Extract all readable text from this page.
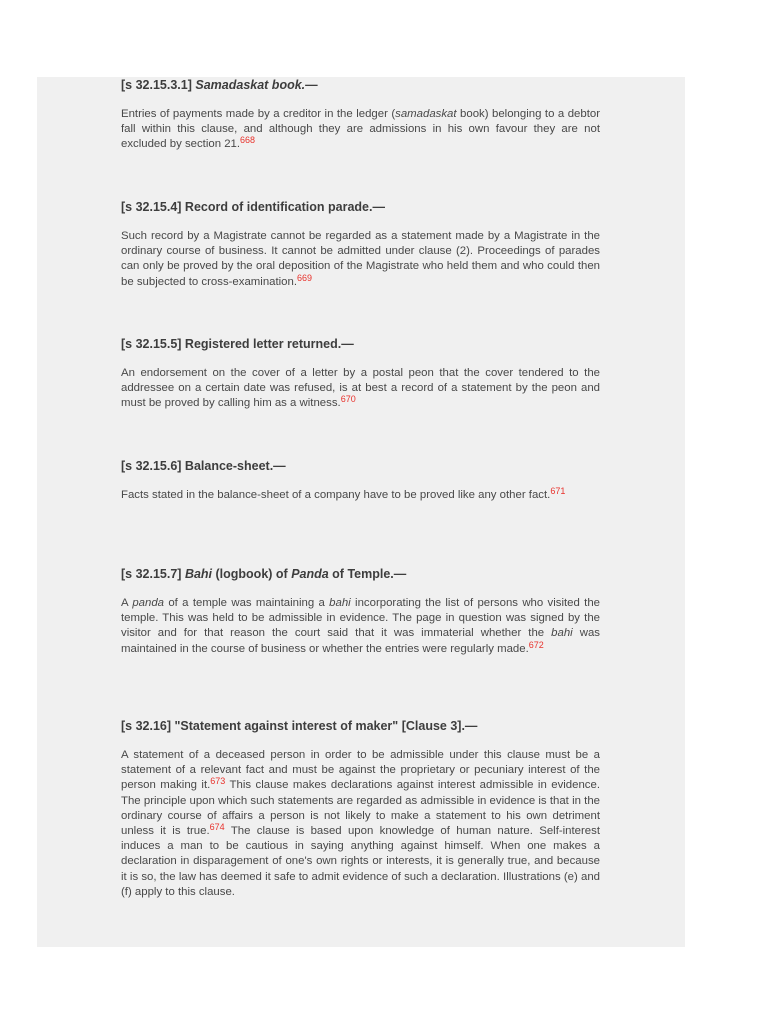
[s 32.15.3.1] Samadaskat book.—

Entries of payments made by a creditor in the ledger (samadaskat book) belonging to a debtor fall within this clause, and although they are admissions in his own favour they are not excluded by section 21.$^{668}$

[s 32.15.4] Record of identification parade.—

Such record by a Magistrate cannot be regarded as a statement made by a Magistrate in the ordinary course of business. It cannot be admitted under clause (2). Proceedings of parades can only be proved by the oral deposition of the Magistrate who held them and who could then be subjected to cross-examination.$^{669}$

[s 32.15.5] Registered letter returned.—

An endorsement on the cover of a letter by a postal peon that the cover tendered to the addressee on a certain date was refused, is at best a record of a statement by the peon and must be proved by calling him as a witness.$^{670}$

[s 32.15.6] Balance-sheet.—

Facts stated in the balance-sheet of a company have to be proved like any other fact.$^{671}$

[s 32.15.7] Bahi (logbook) of Panda of Temple.—

A panda of a temple was maintaining a bahi incorporating the list of persons who visited the temple. This was held to be admissible in evidence. The page in question was signed by the visitor and for that reason the court said that it was immaterial whether the bahi was maintained in the course of business or whether the entries were regularly made.$^{672}$

[s 32.16] "Statement against interest of maker" [Clause 3].—

A statement of a deceased person in order to be admissible under this clause must be a statement of a relevant fact and must be against the proprietary or pecuniary interest of the person making it.$^{673}$ This clause makes declarations against interest admissible in evidence. The principle upon which such statements are regarded as admissible in evidence is that in the ordinary course of affairs a person is not likely to make a statement to his own detriment unless it is true.$^{674}$ The clause is based upon knowledge of human nature. Self-interest induces a man to be cautious in saying anything against himself. When one makes a declaration in disparagement of one's own rights or interests, it is generally true, and because it is so, the law has deemed it safe to admit evidence of such a declaration. Illustrations (e) and (f) apply to this clause.
